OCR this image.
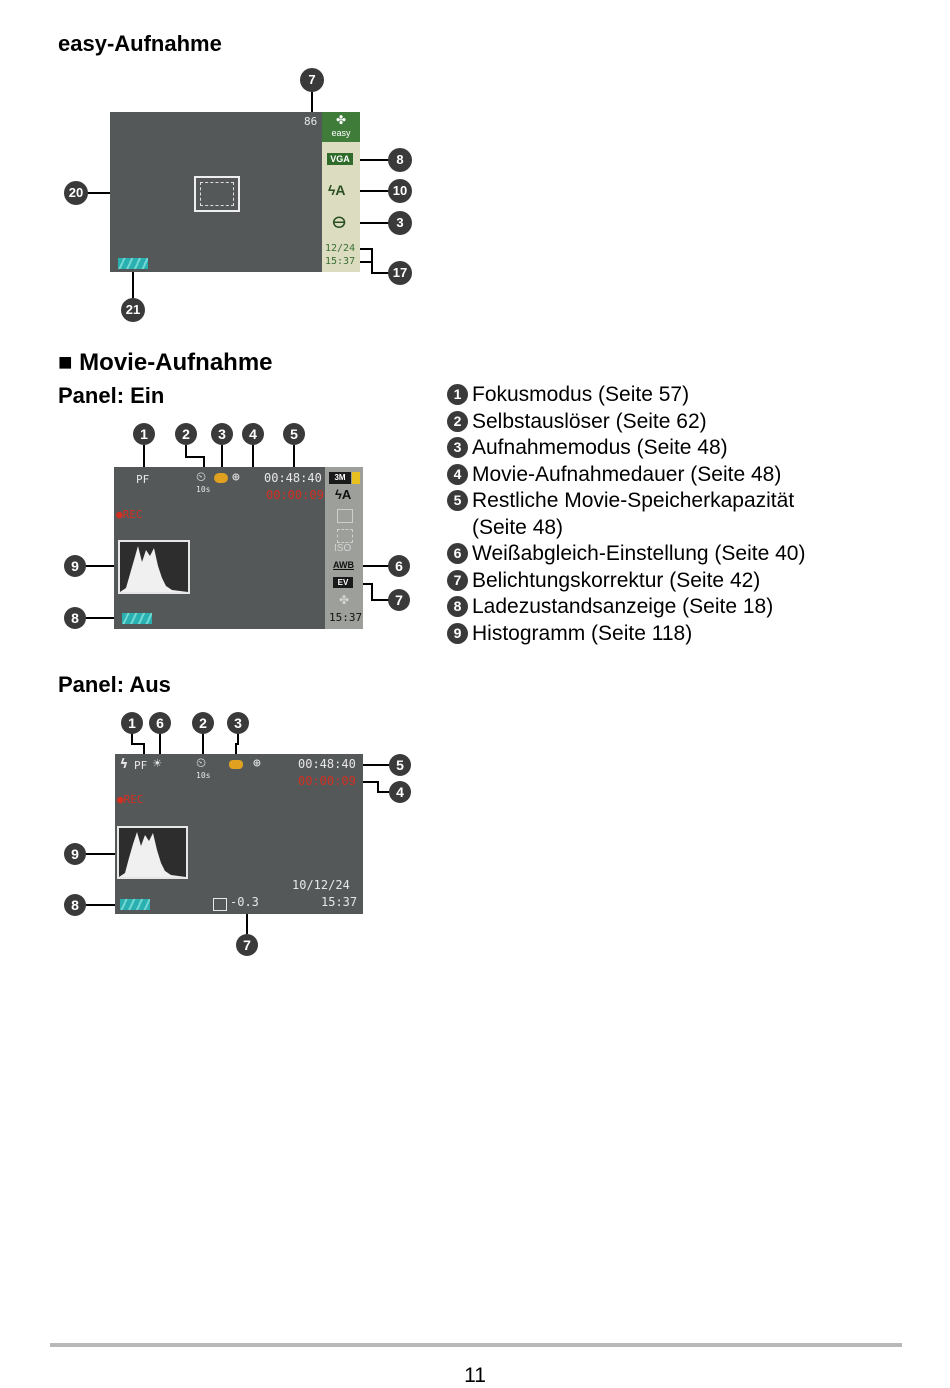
easy-Aufnahme
86	✤
easy
VGA
ϟA
ⴱ
12/24
15:37
7
8
10
3
17
20
21
■ Movie-Aufnahme
Panel: Ein
PF	⏲
10s
⊕ 00:48:40
00:00:09
●REC
3M
ϟA
ISO
AWB
EV
✤
15:37
1	2	3	4	5
9
8
6
7
1 Fokusmodus (Seite 57)
2 Selbstauslöser (Seite 62)
3 Aufnahmemodus (Seite 48)
4 Movie-Aufnahmedauer (Seite 48)
5 Restliche Movie-Speicherkapazität
(Seite 48)
6 Weißabgleich-Einstellung (Seite 40)
7 Belichtungskorrektur (Seite 42)
8 Ladezustandsanzeige (Seite 18)
9 Histogramm (Seite 118)
Panel: Aus
ϟ PF ☀	⏲
10s
⊕	00:48:40
00:00:09
●REC
10/12/24
15:37
-0.3
1	6	2	3
5
4
9
8
7
11
